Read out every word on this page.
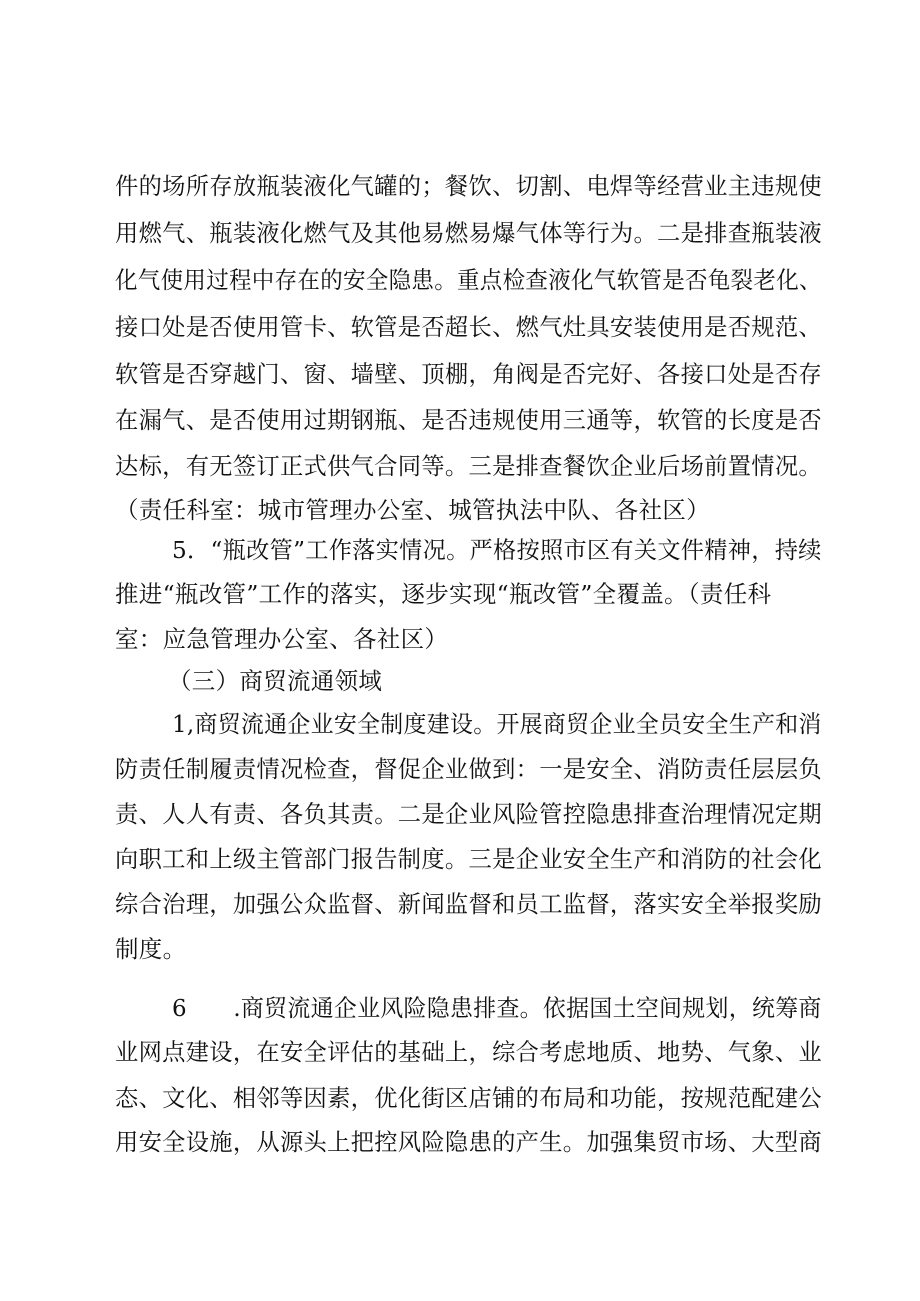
件的场所存放瓶装液化气罐的；餐饮、切割、电焊等经营业主违规使
用燃气、瓶装液化燃气及其他易燃易爆气体等行为。二是排查瓶装液
化气使用过程中存在的安全隐患。重点检查液化气软管是否龟裂老化、
接口处是否使用管卡、软管是否超长、燃气灶具安装使用是否规范、
软管是否穿越门、窗、墙壁、顶棚，角阀是否完好、各接口处是否存
在漏气、是否使用过期钢瓶、是否违规使用三通等，软管的长度是否
达标，有无签订正式供气合同等。三是排查餐饮企业后场前置情况。
（责任科室：城市管理办公室、城管执法中队、各社区）
5．“瓶改管”工作落实情况。严格按照市区有关文件精神，持续
推进“瓶改管”工作的落实，逐步实现“瓶改管”全覆盖。（责任科
室：应急管理办公室、各社区）
（三）商贸流通领域
1,商贸流通企业安全制度建设。开展商贸企业全员安全生产和消
防责任制履责情况检查，督促企业做到：一是安全、消防责任层层负
责、人人有责、各负其责。二是企业风险管控隐患排查治理情况定期
向职工和上级主管部门报告制度。三是企业安全生产和消防的社会化
综合治理，加强公众监督、新闻监督和员工监督，落实安全举报奖励
制度。
6　　.商贸流通企业风险隐患排查。依据国土空间规划，统筹商
业网点建设，在安全评估的基础上，综合考虑地质、地势、气象、业
态、文化、相邻等因素，优化街区店铺的布局和功能，按规范配建公
用安全设施，从源头上把控风险隐患的产生。加强集贸市场、大型商
